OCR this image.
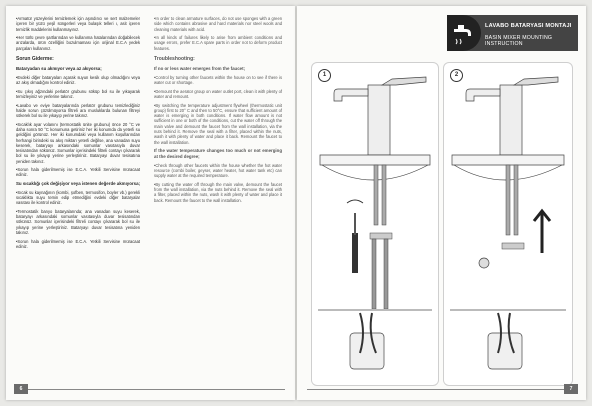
•Armatür yüzeylerini temizlemek için aşındırıcı ve sert malzemeler içeren bir yüzü yeşil süngerleri veya bulaşık telleri ı, asit içeren temizlik maddelerini kullanmayınız.

•Her türlü çevre şartlarından ve kullanıma hatalarından doğabilecek arızalarda, ürün özelliğini bozulmaması için orijinal E.C.A yedek parçaları kullanınız.

Sorun Giderme:
Bataryadan su akmıyor veya az akıyorsa;

•Evdeki diğer bataryaları açarak suyun kesik olup olmadığını veya az akış olmadığını kontrol ediniz.

•Su çıkış ağzındaki perlatör grubunu söküp bol su ile yıkayarak temizleyiniz ve yerlerine takınız.

•Lavabo ve eviye bataryalarında perlatör grubunu temizlediğiniz halde sorun çözülmüyorsa filtreli ara musluklarda bulunan filtreyi sökerek bol su ile yıkayıp yerine takınız.

•Sıcaklık ayar volanını (termostatik ünite grubunu) önce 20 °C ve daha sonra 50 °C konumuna getiriniz her iki konumda da yeterli su geldiğini görünüz. Her iki konumdaki veya kullanım koşullarından herhangi birindeki su akış miktarı yeterli değilse, ana vanadan suyu keserek, bataryayı arkasındaki somunlar vasıtasıyla duvar tesisatından sökünüz. Somunlar içerisindeki filtreli contayı çıkararak bol su ile yıkayıp yerine yerleştiriniz. Bataryayı duvar tesisatına yeniden takınız.

•Sorun hala giderilmemiş ise E.C.A. Yetkili Servisine müracaat ediniz.

Su sıcaklığı çok değişiyor veya istenen değerde akmıyorsa;

•Sıcak su kaynağının (kombi, şofben, termosifon, boyler vb.) gerekli sıcaklıkta suyu temin edip etmediğini evdeki diğer bataryalar vasıtası ile kontrol ediniz.

•Termostatik banyo bataryalarında; ana vanadan suyu keserek, bataryayı arkasındaki somunlar vasıtasıyla duvar tesisatından sökünüz. Somunlar içerisindeki filtreli contayı çıkararak bol su ile yıkayıp yerine yerleştiriniz. Bataryayı duvar tesisatına yeniden takınız.

•Sorun hala giderilmemiş ise E.C.A. Yetkili Servisine müracaat ediniz.

•In order to clean armature surfaces, do not use sponges with a green side which contains abrasive and hard materials nor steel wools and cleaning materials with acid.

•In all kinds of failures likely to arise from ambient conditions and usage errors, prefer E.C.A spare parts in order not to deform product features.

Troubleshooting:
If no or less water emerges from the faucet;

•Control by turning other faucets within the house on to see if there is water cut or shortage.

•Demount the aerator group on water outlet port, clean it with plenty of water and remount.

•By switching the temperature adjustment flywheel (thermostatic unit group) first to 20° C and then to 50°C, ensure that sufficient amount of water is emerging in both conditions. If water flow amount is not sufficient in one or both of the conditions, cut the water off through the main valve and demount the faucet from the wall installation, via the nuts behind it. Remove the seal with a filter, placed within the nuts, wash it with plenty of water and place it back. Remount the faucet to the wall installation.

If the water temperature changes too much or not emerging at the desired degree;

•Check through other faucets within the house whether the hot water resource (combi boiler, geyser, water heater, hot water tank etc) can supply water at the required temperature.

•By cutting the water off through the main valve, demount the faucet from the wall installation, via the nuts behind it. Remove the seal with a filter, placed within the nuts, wash it with plenty of water and place it back. Remount the faucet to the wall installation.

6
LAVABO BATARYASI MONTAJI
BASIN MIXER MOUNTING INSTRUCTION
1	2
7
